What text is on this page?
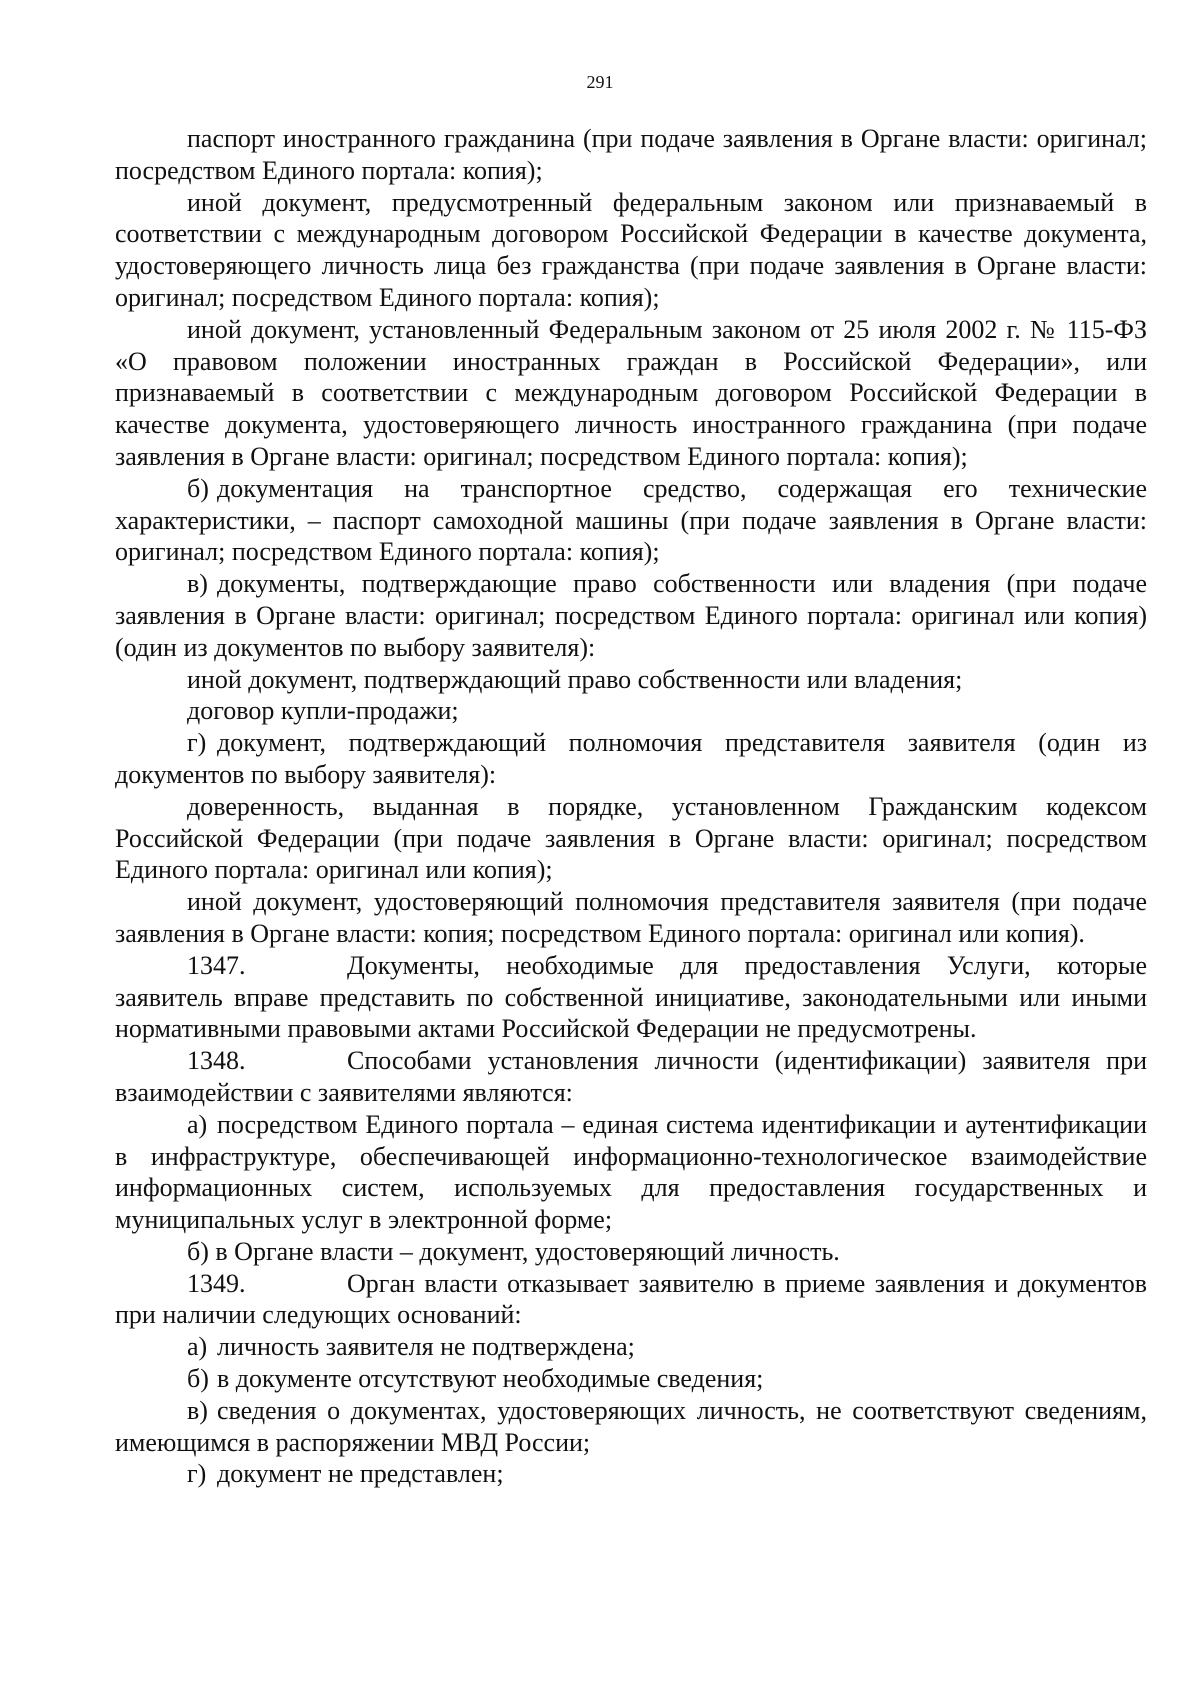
291

паспорт иностранного гражданина (при подаче заявления в Органе власти: оригинал; посредством Единого портала: копия);

иной документ, предусмотренный федеральным законом или признаваемый в соответствии с международным договором Российской Федерации в качестве документа, удостоверяющего личность лица без гражданства (при подаче заявления в Органе власти: оригинал; посредством Единого портала: копия);

иной документ, установленный Федеральным законом от 25 июля 2002 г. № 115-ФЗ «О правовом положении иностранных граждан в Российской Федерации», или признаваемый в соответствии с международным договором Российской Федерации в качестве документа, удостоверяющего личность иностранного гражданина (при подаче заявления в Органе власти: оригинал; посредством Единого портала: копия);

б) документация на транспортное средство, содержащая его технические характеристики, – паспорт самоходной машины (при подаче заявления в Органе власти: оригинал; посредством Единого портала: копия);

в) документы, подтверждающие право собственности или владения (при подаче заявления в Органе власти: оригинал; посредством Единого портала: оригинал или копия) (один из документов по выбору заявителя):

иной документ, подтверждающий право собственности или владения;

договор купли-продажи;

г) документ, подтверждающий полномочия представителя заявителя (один из документов по выбору заявителя):

доверенность, выданная в порядке, установленном Гражданским кодексом Российской Федерации (при подаче заявления в Органе власти: оригинал; посредством Единого портала: оригинал или копия);

иной документ, удостоверяющий полномочия представителя заявителя (при подаче заявления в Органе власти: копия; посредством Единого портала: оригинал или копия).

1347.	Документы, необходимые для предоставления Услуги, которые заявитель вправе представить по собственной инициативе, законодательными или иными нормативными правовыми актами Российской Федерации не предусмотрены.

1348.	Способами установления личности (идентификации) заявителя при взаимодействии с заявителями являются:

а) посредством Единого портала – единая система идентификации и аутентификации в инфраструктуре, обеспечивающей информационно-технологическое взаимодействие информационных систем, используемых для предоставления государственных и муниципальных услуг в электронной форме;

б) в Органе власти – документ, удостоверяющий личность.

1349.	Орган власти отказывает заявителю в приеме заявления и документов при наличии следующих оснований:

а) личность заявителя не подтверждена;

б) в документе отсутствуют необходимые сведения;

в) сведения о документах, удостоверяющих личность, не соответствуют сведениям, имеющимся в распоряжении МВД России;

г) документ не представлен;
